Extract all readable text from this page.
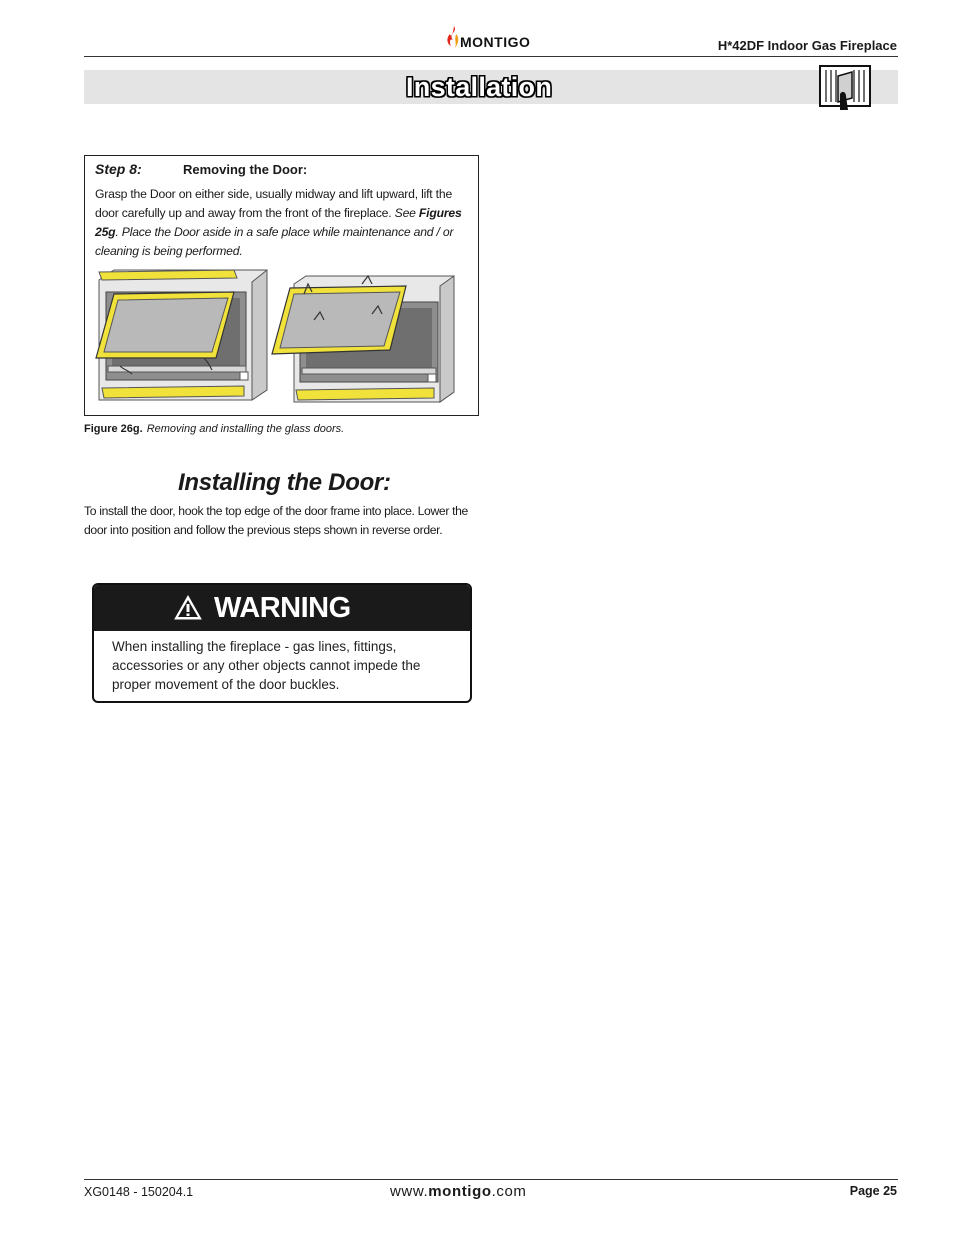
MONTIGO	H*42DF Indoor Gas Fireplace
Installation
Step 8:	Removing the Door:
Grasp the Door on either side, usually midway and lift upward, lift the door carefully up and away from the front of the fireplace. See Figures 25g. Place the Door aside in a safe place while maintenance and / or cleaning is being performed.
Figure 26g. Removing and installing the glass doors.
Installing the Door:
To install the door, hook the top edge of the door frame into place. Lower the door into position and follow the previous steps shown in reverse order.
WARNING
When installing the fireplace - gas lines, fittings, accessories or any other objects cannot impede the proper movement of the door buckles.
XG0148 - 150204.1	www.montigo.com	Page 25
